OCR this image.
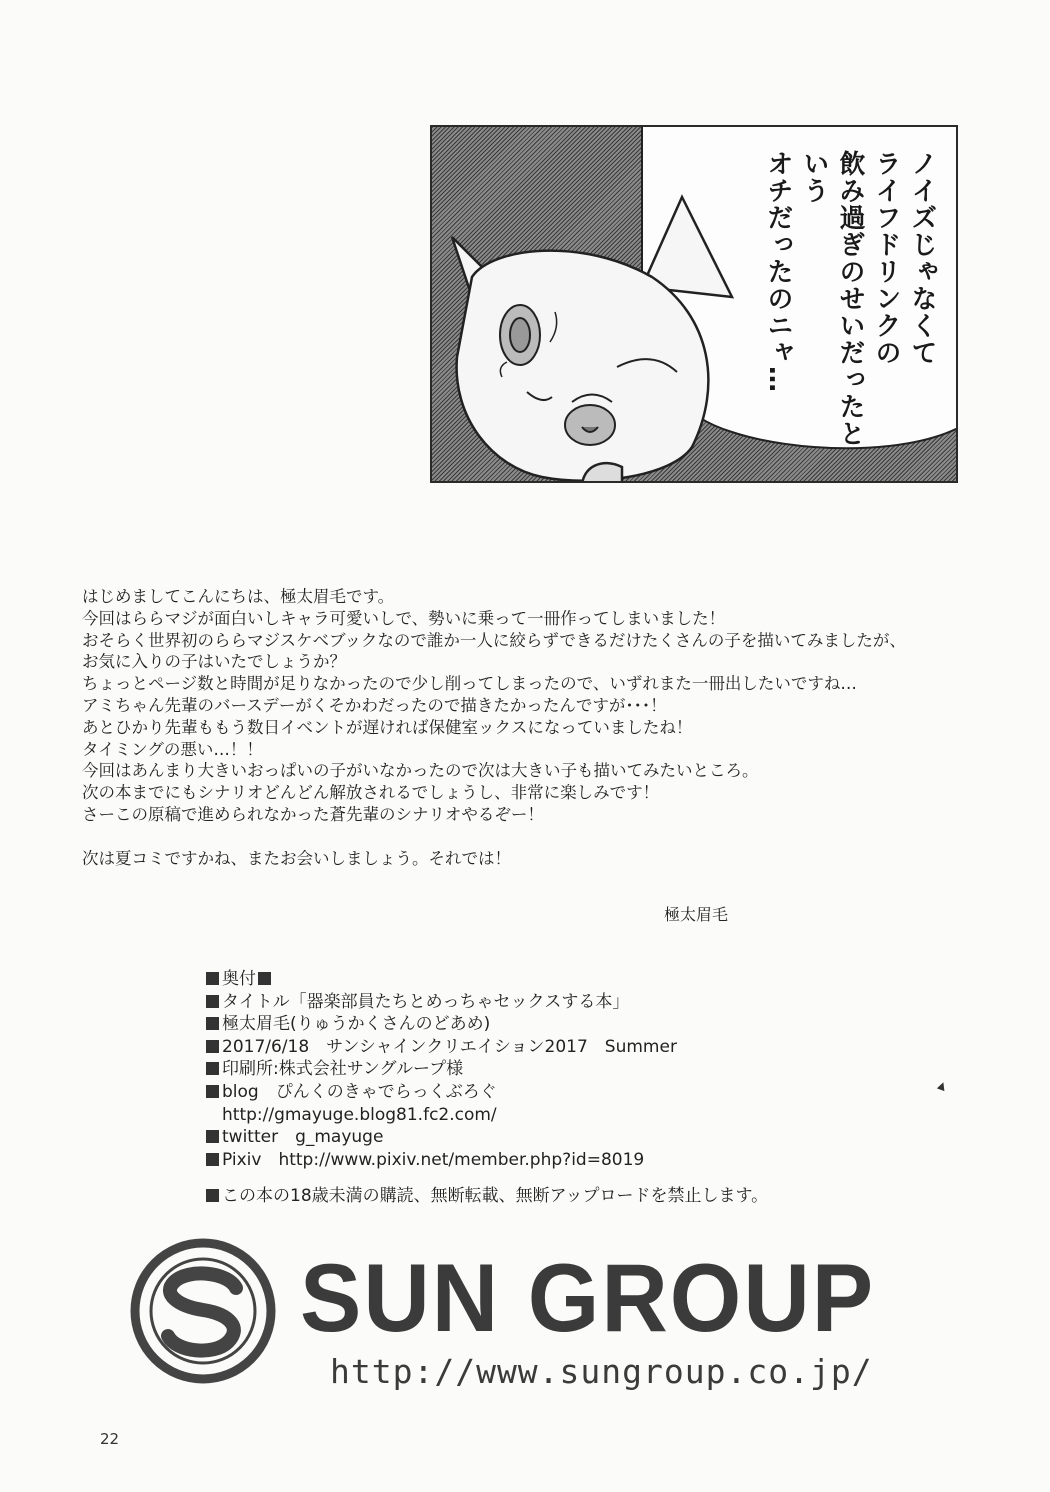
ノイズじゃなくて
ライフドリンクの
飲み過ぎのせいだったという
オチだったのニャ…

はじめましてこんにちは、極太眉毛です。

今回はららマジが面白いしキャラ可愛いしで、勢いに乗って一冊作ってしまいました！

おそらく世界初のららマジスケベブックなので誰か一人に絞らずできるだけたくさんの子を描いてみましたが、

お気に入りの子はいたでしょうか？

ちょっとページ数と時間が足りなかったので少し削ってしまったので、いずれまた一冊出したいですね…

アミちゃん先輩のバースデーがくそかわだったので描きたかったんですが･･･！

あとひかり先輩ももう数日イベントが遅ければ保健室ックスになっていましたね！

タイミングの悪い…！！

今回はあんまり大きいおっぱいの子がいなかったので次は大きい子も描いてみたいところ。

次の本までにもシナリオどんどん解放されるでしょうし、非常に楽しみです！

さーこの原稿で進められなかった蒼先輩のシナリオやるぞー！

次は夏コミですかね、またお会いしましょう。それでは！

極太眉毛

奥付

タイトル「器楽部員たちとめっちゃセックスする本」

極太眉毛(りゅうかくさんのどあめ)

2017/6/18　サンシャインクリエイション2017　Summer

印刷所:株式会社サングループ様

blog　ぴんくのきゃでらっくぶろぐ

http://gmayuge.blog81.fc2.com/

twitter　g_mayuge

Pixiv　http://www.pixiv.net/member.php?id=8019

この本の18歳未満の購読、無断転載、無断アップロードを禁止します。

SUN GROUP
http://www.sungroup.co.jp/
22
